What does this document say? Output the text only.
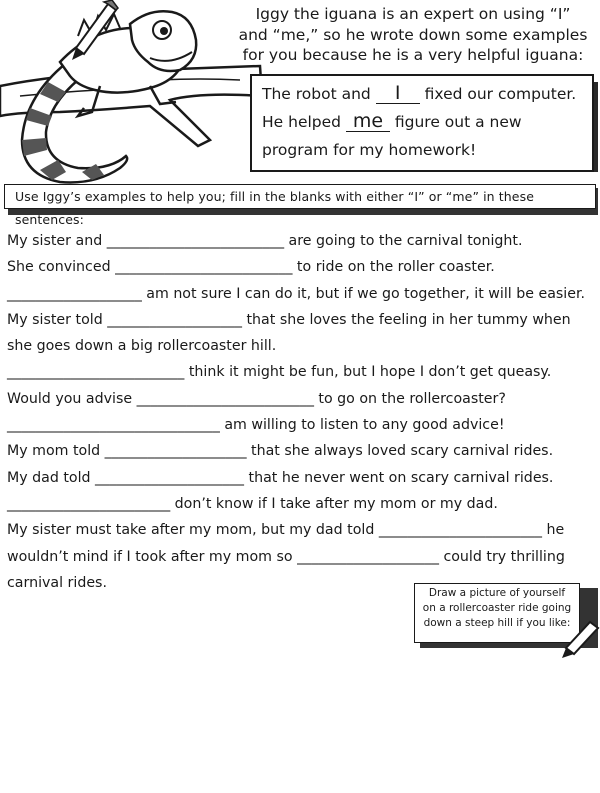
Iggy the iguana is an expert on using “I”
and “me,” so he wrote down some examples
for you because he is a very helpful iguana:
The robot and I fixed our computer.
He helped me figure out a new
program for my homework!
Use Iggy’s examples to help you; fill in the blanks with either “I” or “me” in these sentences:
My sister and _________________________ are going to the carnival tonight.
She convinced _________________________ to ride on the roller coaster.
___________________ am not sure I can do it, but if we go together, it will be easier.
My sister told ___________________ that she loves the feeling in her tummy when
she goes down a big rollercoaster hill.
_________________________ think it might be fun, but I hope I don’t get queasy.
Would you advise _________________________ to go on the rollercoaster?
______________________________ am willing to listen to any good advice!
My mom told ____________________ that she always loved scary carnival rides.
My dad told _____________________ that he never went on scary carnival rides.
_______________________ don’t know if I take after my mom or my dad.
My sister must take after my mom, but my dad told _______________________ he
wouldn’t mind if I took after my mom so ____________________ could try thrilling
carnival rides.
Draw a picture of yourself
on a rollercoaster ride going
down a steep hill if you like:
